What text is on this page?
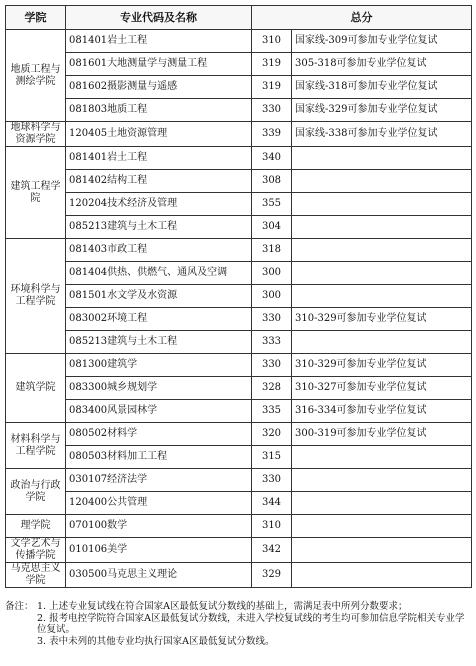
学院	专业代码及名称	总分	
地质工程与测绘学院	081401岩土工程	310	国家线-309可参加专业学位复试
	081601大地测量学与测量工程	319	305-318可参加专业学位复试
	081602摄影测量与遥感	319	国家线-318可参加专业学位复试
	081803地质工程	330	国家线-329可参加专业学位复试
地球科学与资源学院	120405土地资源管理	339	国家线-338可参加专业学位复试
建筑工程学院	081401岩土工程	340	
	081402结构工程	308	
	120204技术经济及管理	355	
	085213建筑与土木工程	304	
环境科学与工程学院	081403市政工程	318	
	081404供热、供燃气、通风及空调	300	
	081501水文学及水资源	300	
	083002环境工程	330	310-329可参加专业学位复试
	085213建筑与土木工程	333	
建筑学院	081300建筑学	330	310-329可参加专业学位复试
	083300城乡规划学	328	310-327可参加专业学位复试
	083400风景园林学	335	316-334可参加专业学位复试
材料科学与工程学院	080502材料学	320	300-319可参加专业学位复试
	080503材料加工工程	315	
政治与行政学院	030107经济法学	330	
	120400公共管理	344	
理学院	070100数学	310	
文学艺术与传播学院	010106美学	342	
马克思主义学院	030500马克思主义理论	329	
备注： 1. 上述专业复试线在符合国家A区最低复试分数线的基础上，需满足表中所列分数要求；
2. 报考电控学院符合国家A区最低复试分数线，未进入学校复试线的考生均可参加信息学院相关专业学位复试。
3. 表中未列的其他专业均执行国家A区最低复试分数线。
